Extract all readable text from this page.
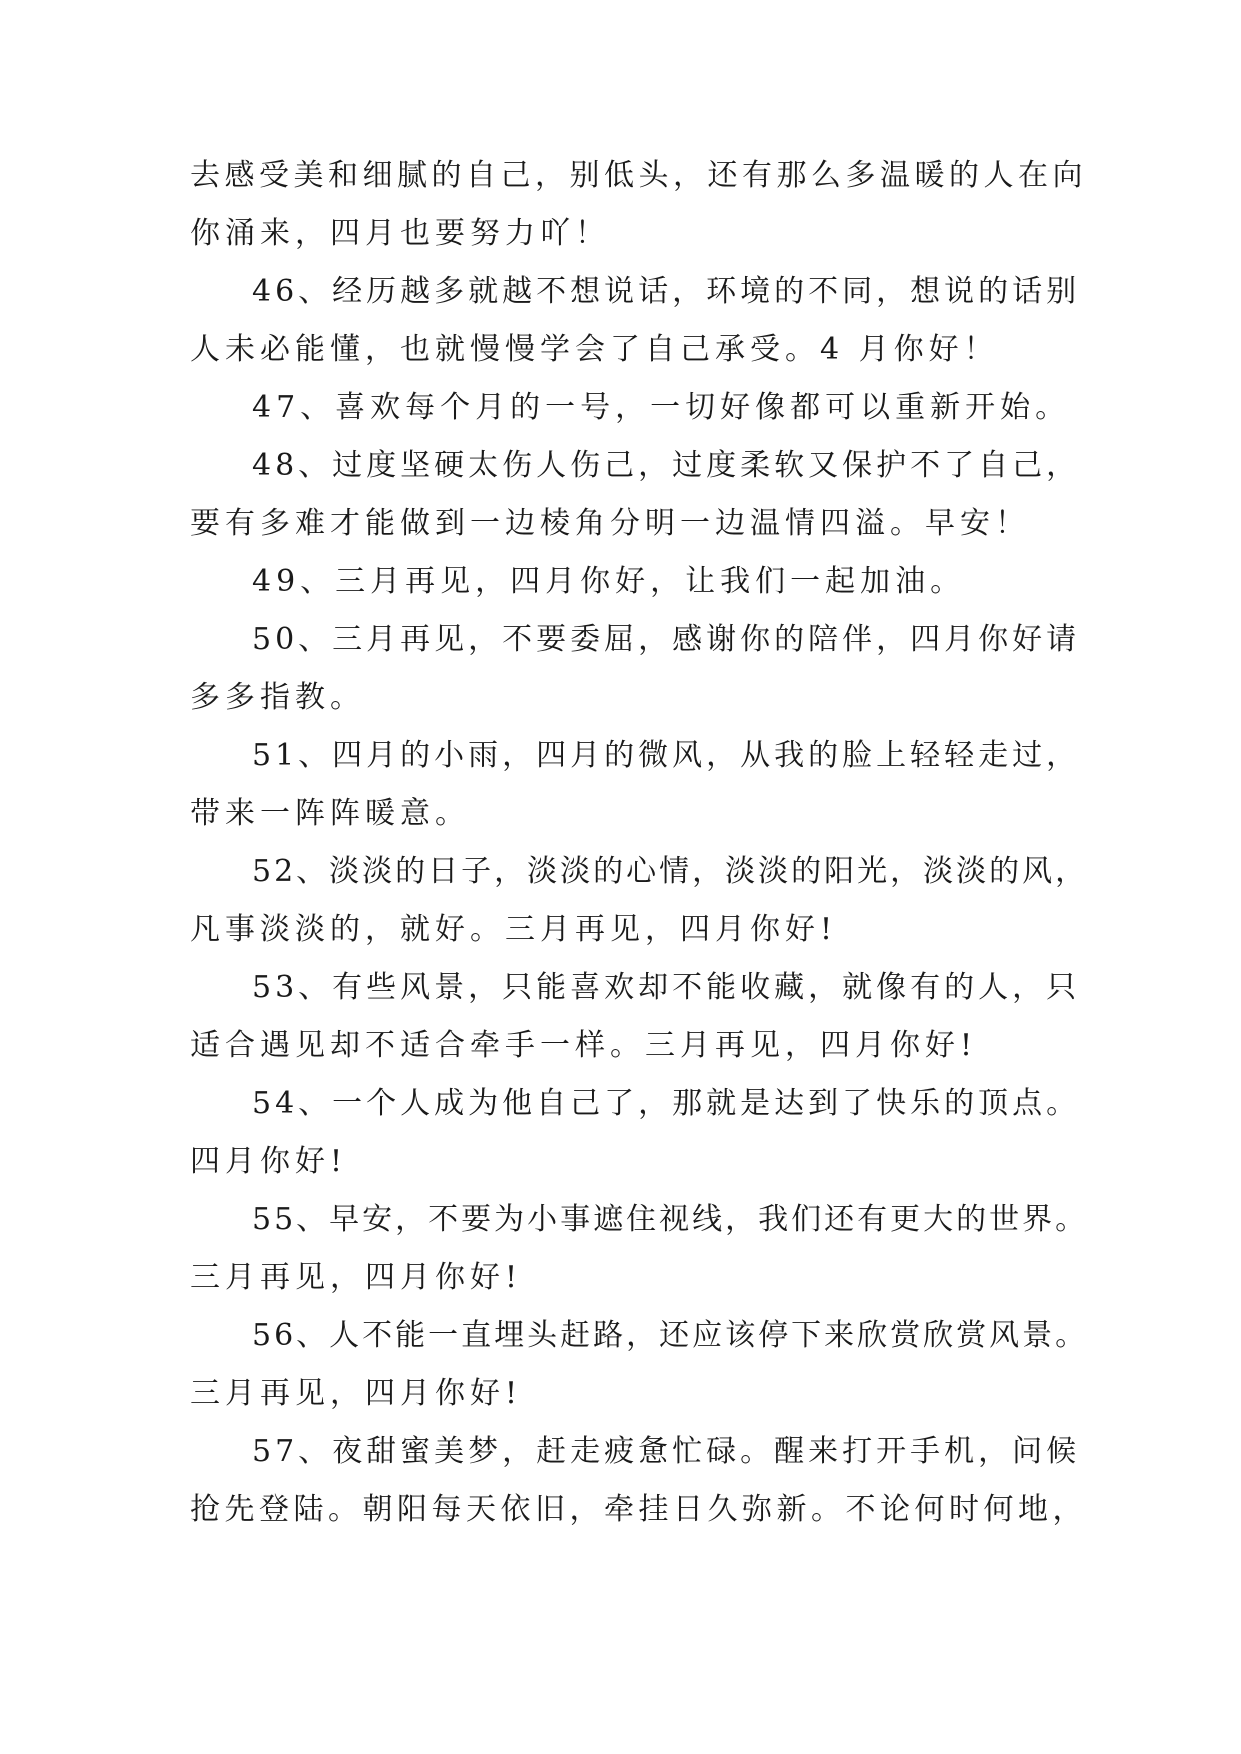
去感受美和细腻的自己，别低头，还有那么多温暖的人在向
你涌来，四月也要努力吖！
46、经历越多就越不想说话，环境的不同，想说的话别
人未必能懂，也就慢慢学会了自己承受。4 月你好！
47、喜欢每个月的一号，一切好像都可以重新开始。
48、过度坚硬太伤人伤己，过度柔软又保护不了自己，
要有多难才能做到一边棱角分明一边温情四溢。早安！
49、三月再见，四月你好，让我们一起加油。
50、三月再见，不要委屈，感谢你的陪伴，四月你好请
多多指教。
51、四月的小雨，四月的微风，从我的脸上轻轻走过，
带来一阵阵暖意。
52、淡淡的日子，淡淡的心情，淡淡的阳光，淡淡的风，
凡事淡淡的，就好。三月再见，四月你好!
53、有些风景，只能喜欢却不能收藏，就像有的人，只
适合遇见却不适合牵手一样。三月再见，四月你好!
54、一个人成为他自己了，那就是达到了快乐的顶点。
四月你好!
55、早安，不要为小事遮住视线，我们还有更大的世界。
三月再见，四月你好!
56、人不能一直埋头赶路，还应该停下来欣赏欣赏风景。
三月再见，四月你好!
57、夜甜蜜美梦，赶走疲惫忙碌。醒来打开手机，问候
抢先登陆。朝阳每天依旧，牵挂日久弥新。不论何时何地，
